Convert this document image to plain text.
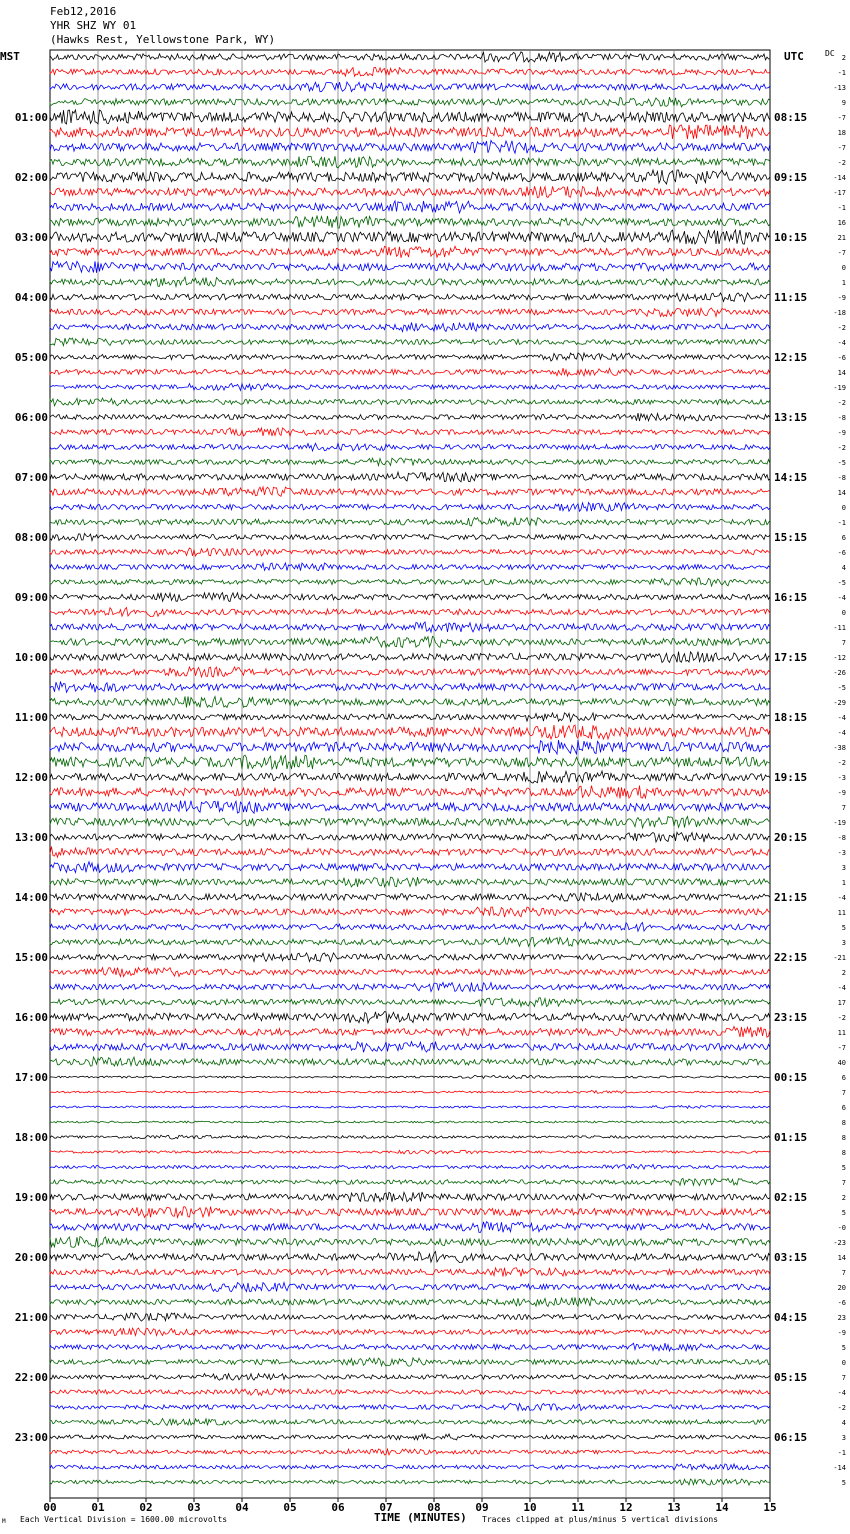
Feb12,2016
YHR SHZ WY 01
(Hawks Rest, Yellowstone Park, WY)
MST	UTC	DC 2
-1
-13
9
-7
18
-7
-2
-14
-17
-1
16
21
-7
0
1
-9
-18
-2
-4
-6
14
-19
-2
-8
-9
-2
-5
-8
14
0
-1
6
-6
4
-5
-4
0
-11
7
-12
-26
-5
-29
-4
-4
-38
-2
-3
-9
7
-19
-8
-3
3
1
-4
11
5
3
-21
2
-4
17
-2
11
-7
40
6
7
6
8
8
8
5
7
2
5
-0
-23
14
7
20
-6
23
-9
5
0
7
-4
-2
4
3
-1
-14
5
01:00
02:00
03:00
04:00
05:00
06:00
07:00
08:00
09:00
10:00
11:00
12:00
13:00
14:00
15:00
16:00
17:00
18:00
19:00
20:00
21:00
22:00
23:00
08:15
09:15
10:15
11:15
12:15
13:15
14:15
15:15
16:15
17:15
18:15
19:15
20:15
21:15
22:15
23:15
00:15
01:15
02:15
03:15
04:15
05:15
06:15
00	01	02	03	04	05	06	07	08	09	10	11	12	13	14	15
M Each Vertical Division = 1600.00 microvolts	TIME (MINUTES) Traces clipped at plus/minus 5 vertical divisions
